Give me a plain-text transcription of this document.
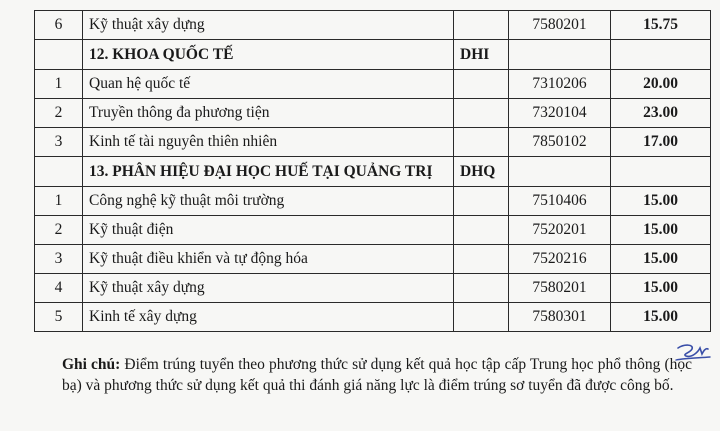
6	Kỹ thuật xây dựng		7580201	15.75
	12. KHOA QUỐC TẾ	DHI		
1	Quan hệ quốc tế		7310206	20.00
2	Truyền thông đa phương tiện		7320104	23.00
3	Kinh tế tài nguyên thiên nhiên		7850102	17.00
	13. PHÂN HIỆU ĐẠI HỌC HUẾ TẠI QUẢNG TRỊ	DHQ		
1	Công nghệ kỹ thuật môi trường		7510406	15.00
2	Kỹ thuật điện		7520201	15.00
3	Kỹ thuật điều khiển và tự động hóa		7520216	15.00
4	Kỹ thuật xây dựng		7580201	15.00
5	Kinh tế xây dựng		7580301	15.00
Ghi chú: Điểm trúng tuyển theo phương thức sử dụng kết quả học tập cấp Trung học phổ thông (học bạ) và phương thức sử dụng kết quả thi đánh giá năng lực là điểm trúng sơ tuyển đã được công bố.
